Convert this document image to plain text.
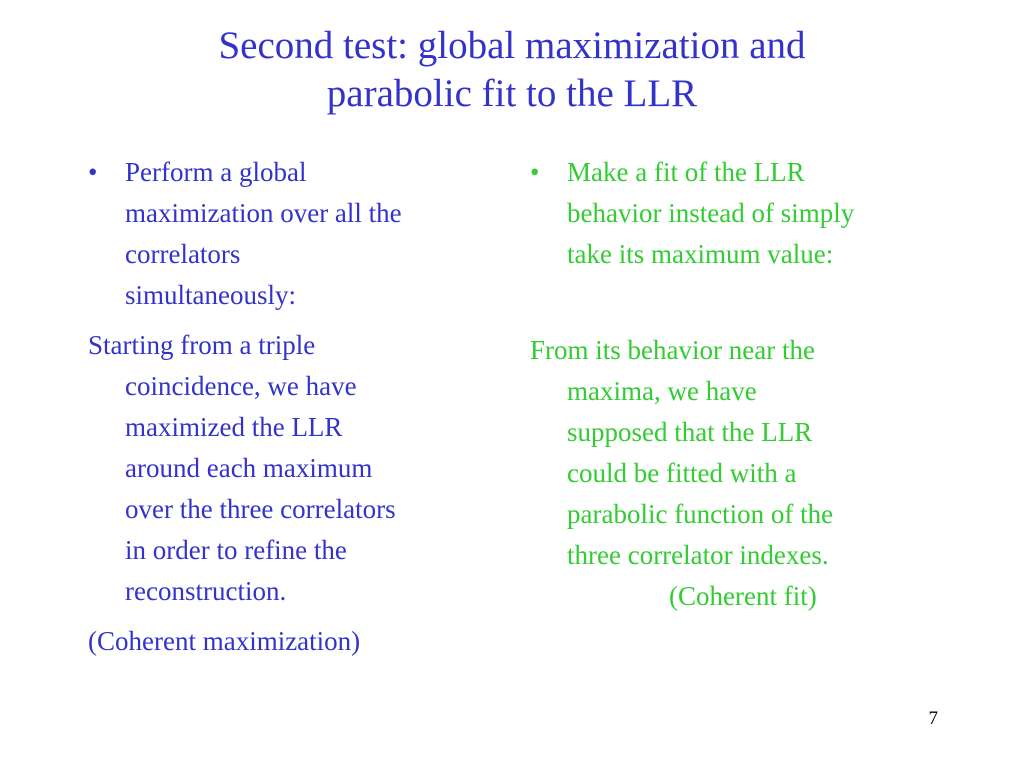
Second test: global maximization and
parabolic fit to the LLR
•	Perform a global
maximization over all the
correlators
simultaneously:
Starting from a triple
coincidence, we have
maximized the LLR
around each maximum
over the three correlators
in order to refine the
reconstruction.
(Coherent maximization)
•	Make a fit of the LLR
behavior instead of simply
take its maximum value:
From its behavior near the
maxima, we have
supposed that the LLR
could be fitted with a
parabolic function of the
three correlator indexes.
(Coherent fit)
7
